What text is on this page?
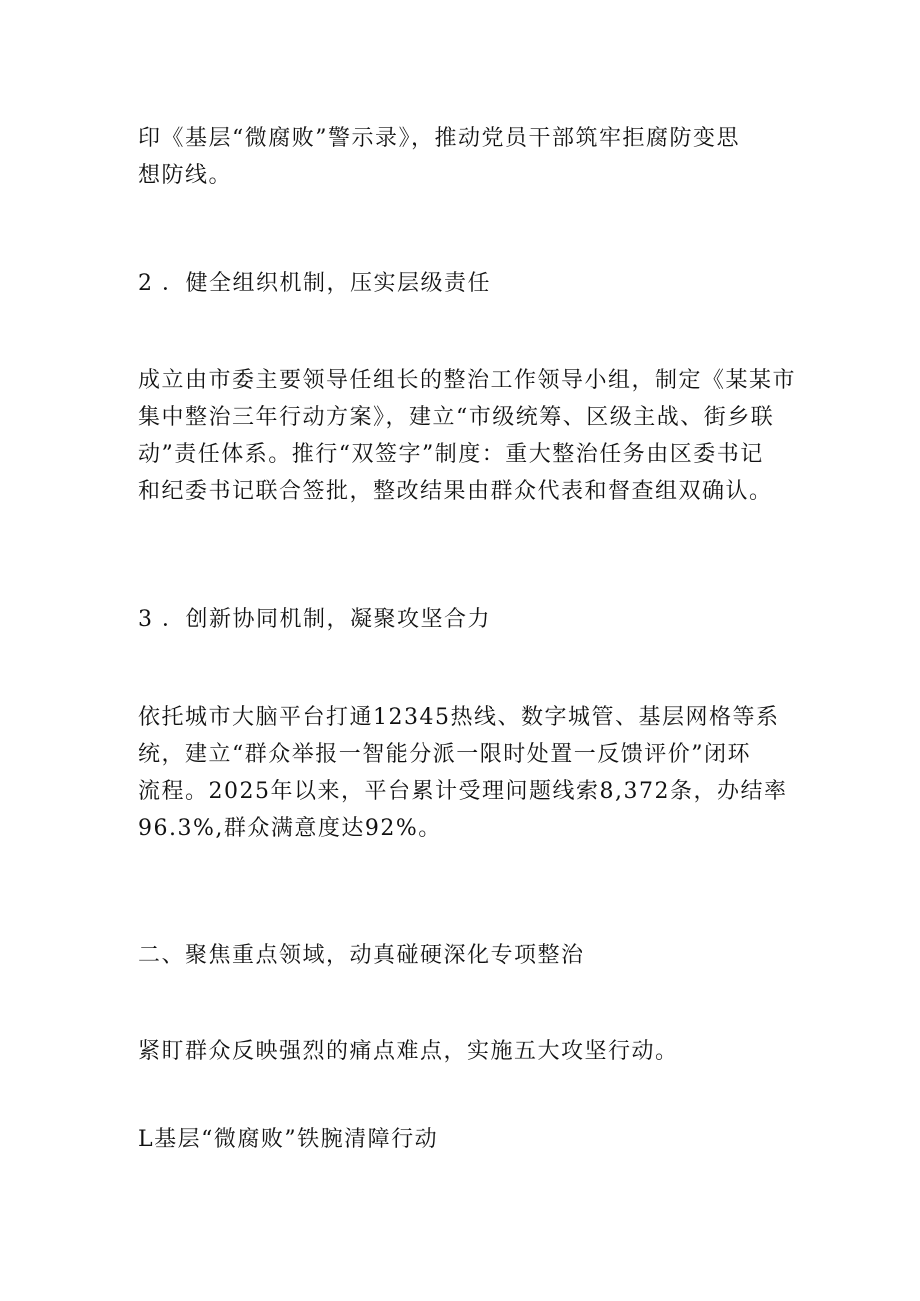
印《基层“微腐败”警示录》，推动党员干部筑牢拒腐防变思
想防线。
2 ．健全组织机制，压实层级责任
成立由市委主要领导任组长的整治工作领导小组，制定《某某市
集中整治三年行动方案》，建立“市级统筹、区级主战、街乡联
动”责任体系。推行“双签字”制度：重大整治任务由区委书记
和纪委书记联合签批，整改结果由群众代表和督查组双确认。
3 ．创新协同机制，凝聚攻坚合力
依托城市大脑平台打通12345热线、数字城管、基层网格等系
统，建立“群众举报一智能分派一限时处置一反馈评价”闭环
流程。2025年以来，平台累计受理问题线索8,372条，办结率
96.3%,群众满意度达92%。
二、聚焦重点领域，动真碰硬深化专项整治
紧盯群众反映强烈的痛点难点，实施五大攻坚行动。
L基层“微腐败”铁腕清障行动
